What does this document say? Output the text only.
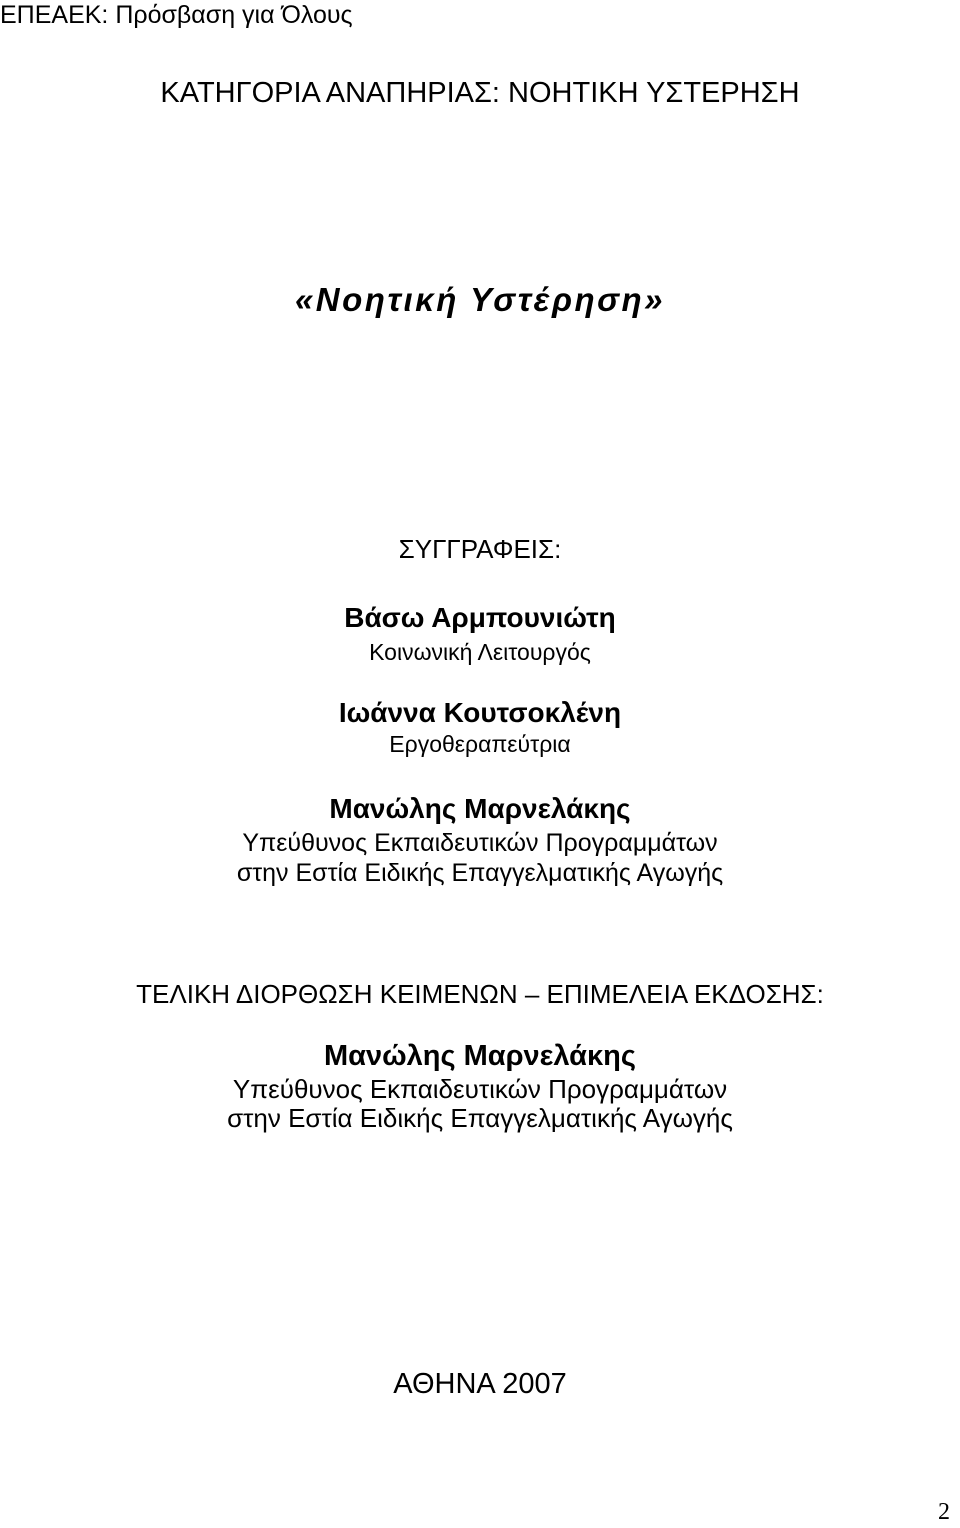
ΕΠΕΑΕΚ: Πρόσβαση για Όλους
ΚΑΤΗΓΟΡΙΑ ΑΝΑΠΗΡΙΑΣ: ΝΟΗΤΙΚΗ ΥΣΤΕΡΗΣΗ
«Νοητική Υστέρηση»
ΣΥΓΓΡΑΦΕΙΣ:
Βάσω Αρμπουνιώτη
Κοινωνική Λειτουργός
Ιωάννα Κουτσοκλένη
Εργοθεραπεύτρια
Μανώλης Μαρνελάκης
Υπεύθυνος Εκπαιδευτικών Προγραμμάτων
στην Εστία Ειδικής Επαγγελματικής Αγωγής
ΤΕΛΙΚΗ ΔΙΟΡΘΩΣΗ ΚΕΙΜΕΝΩΝ – ΕΠΙΜΕΛΕΙΑ ΕΚΔΟΣΗΣ:
Μανώλης Μαρνελάκης
Υπεύθυνος Εκπαιδευτικών Προγραμμάτων
στην Εστία Ειδικής Επαγγελματικής Αγωγής
ΑΘΗΝΑ 2007
2
